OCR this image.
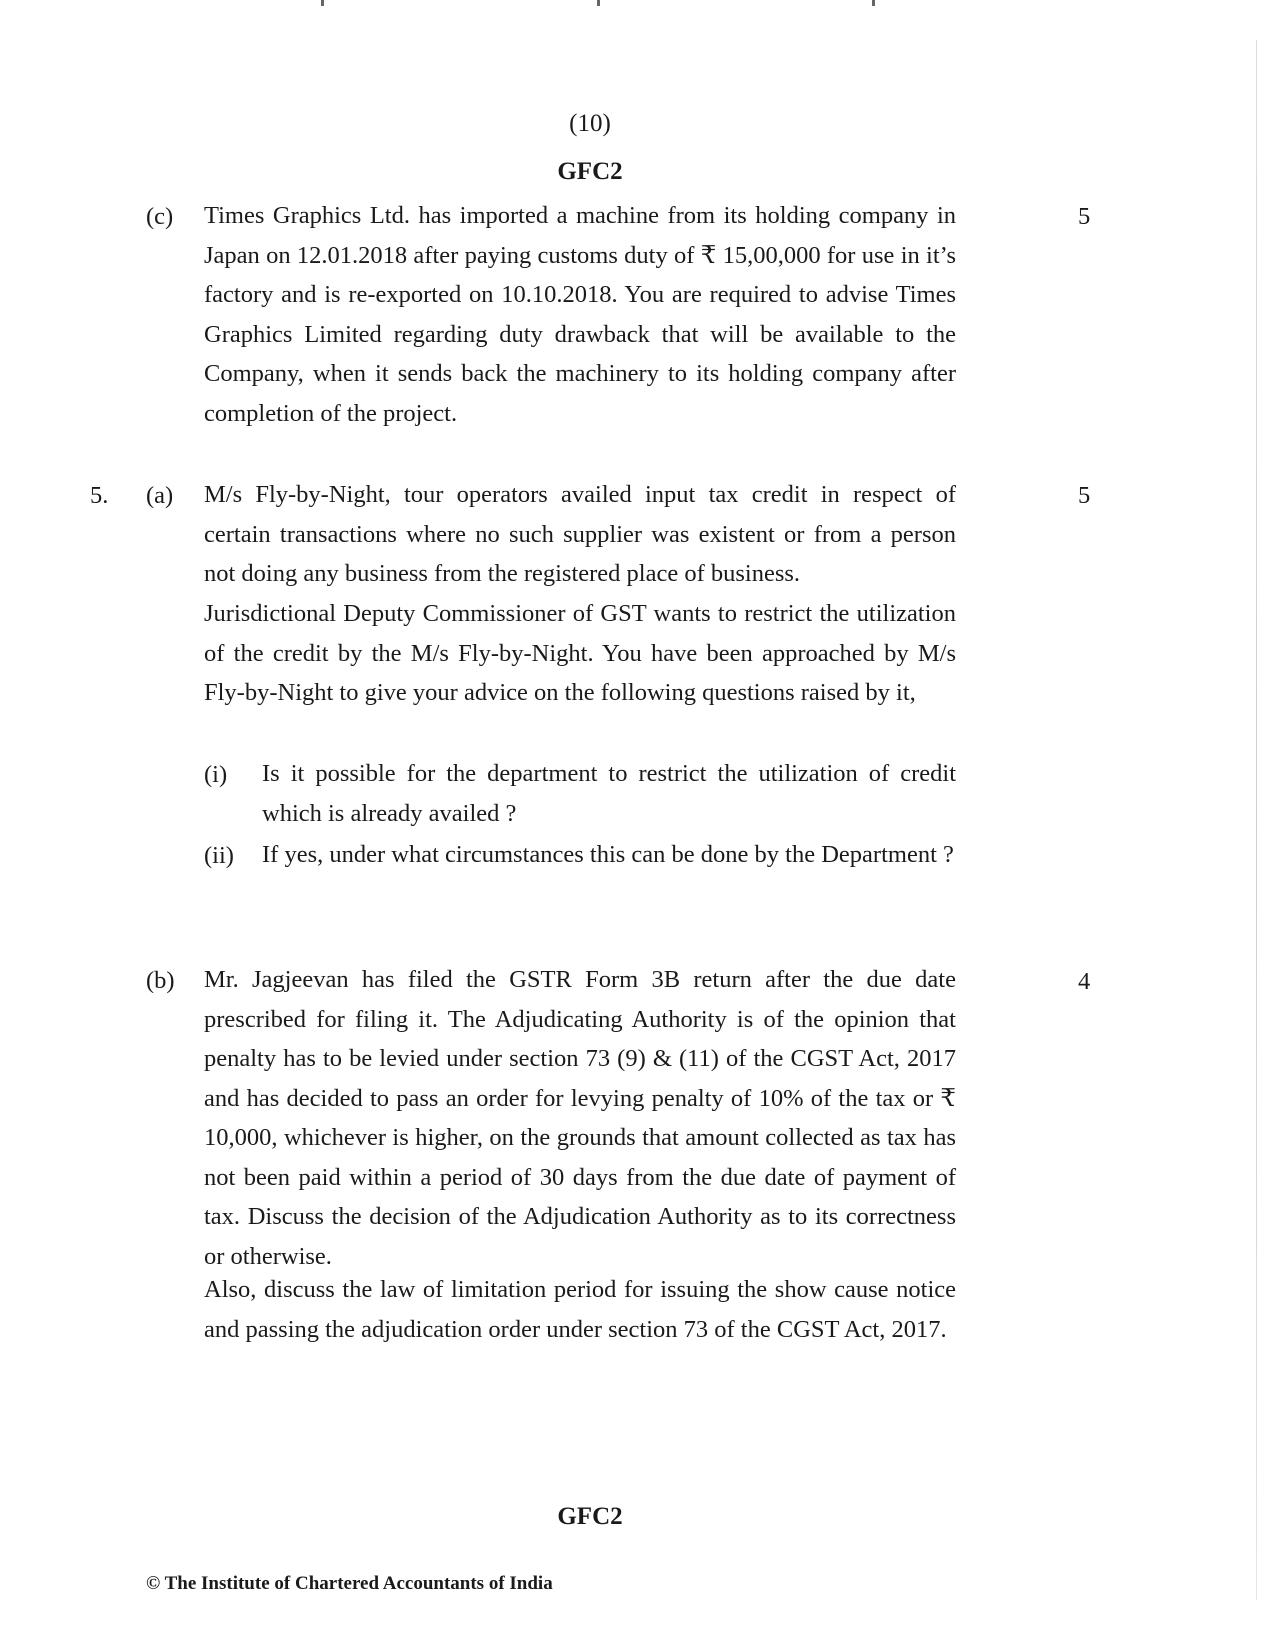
(10)
GFC2
(c) Times Graphics Ltd. has imported a machine from its holding company in Japan on 12.01.2018 after paying customs duty of ₹ 15,00,000 for use in it’s factory and is re-exported on 10.10.2018. You are required to advise Times Graphics Limited regarding duty drawback that will be available to the Company, when it sends back the machinery to its holding company after completion of the project.
5
5. (a) M/s Fly-by-Night, tour operators availed input tax credit in respect of certain transactions where no such supplier was existent or from a person not doing any business from the registered place of business.
5
Jurisdictional Deputy Commissioner of GST wants to restrict the utilization of the credit by the M/s Fly-by-Night. You have been approached by M/s Fly-by-Night to give your advice on the following questions raised by it,
(i) Is it possible for the department to restrict the utilization of credit which is already availed ?
(ii) If yes, under what circumstances this can be done by the Department ?
(b) Mr. Jagjeevan has filed the GSTR Form 3B return after the due date prescribed for filing it. The Adjudicating Authority is of the opinion that penalty has to be levied under section 73 (9) & (11) of the CGST Act, 2017 and has decided to pass an order for levying penalty of 10% of the tax or ₹ 10,000, whichever is higher, on the grounds that amount collected as tax has not been paid within a period of 30 days from the due date of payment of tax. Discuss the decision of the Adjudication Authority as to its correctness or otherwise.
4
Also, discuss the law of limitation period for issuing the show cause notice and passing the adjudication order under section 73 of the CGST Act, 2017.
GFC2
© The Institute of Chartered Accountants of India
